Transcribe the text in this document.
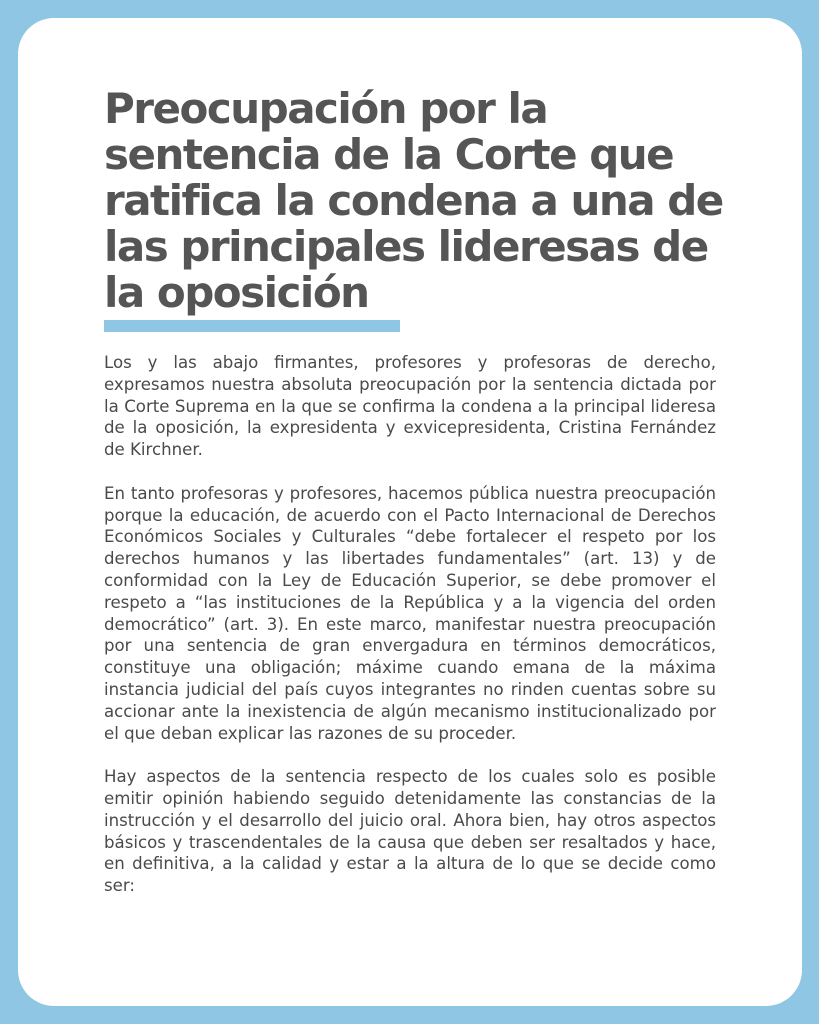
Preocupación por la sentencia de la Corte que ratifica la condena a una de las principales lideresas de la oposición

Los y las abajo firmantes, profesores y profesoras de derecho, expresamos nuestra absoluta preocupación por la sentencia dictada por la Corte Suprema en la que se confirma la condena a la principal lideresa de la oposición, la expresidenta y exvicepresidenta, Cristina Fernández de Kirchner.

En tanto profesoras y profesores, hacemos pública nuestra preocupación porque la educación, de acuerdo con el Pacto Internacional de Derechos Económicos Sociales y Culturales “debe fortalecer el respeto por los derechos humanos y las libertades fundamentales” (art. 13) y de conformidad con la Ley de Educación Superior, se debe promover el respeto a “las instituciones de la República y a la vigencia del orden democrático” (art. 3). En este marco, manifestar nuestra preocupación por una sentencia de gran envergadura en términos democráticos, constituye una obligación; máxime cuando emana de la máxima instancia judicial del país cuyos integrantes no rinden cuentas sobre su accionar ante la inexistencia de algún mecanismo institucionalizado por el que deban explicar las razones de su proceder.

Hay aspectos de la sentencia respecto de los cuales solo es posible emitir opinión habiendo seguido detenidamente las constancias de la instrucción y el desarrollo del juicio oral. Ahora bien, hay otros aspectos básicos y trascendentales de la causa que deben ser resaltados y hace, en definitiva, a la calidad y estar a la altura de lo que se decide como ser:
